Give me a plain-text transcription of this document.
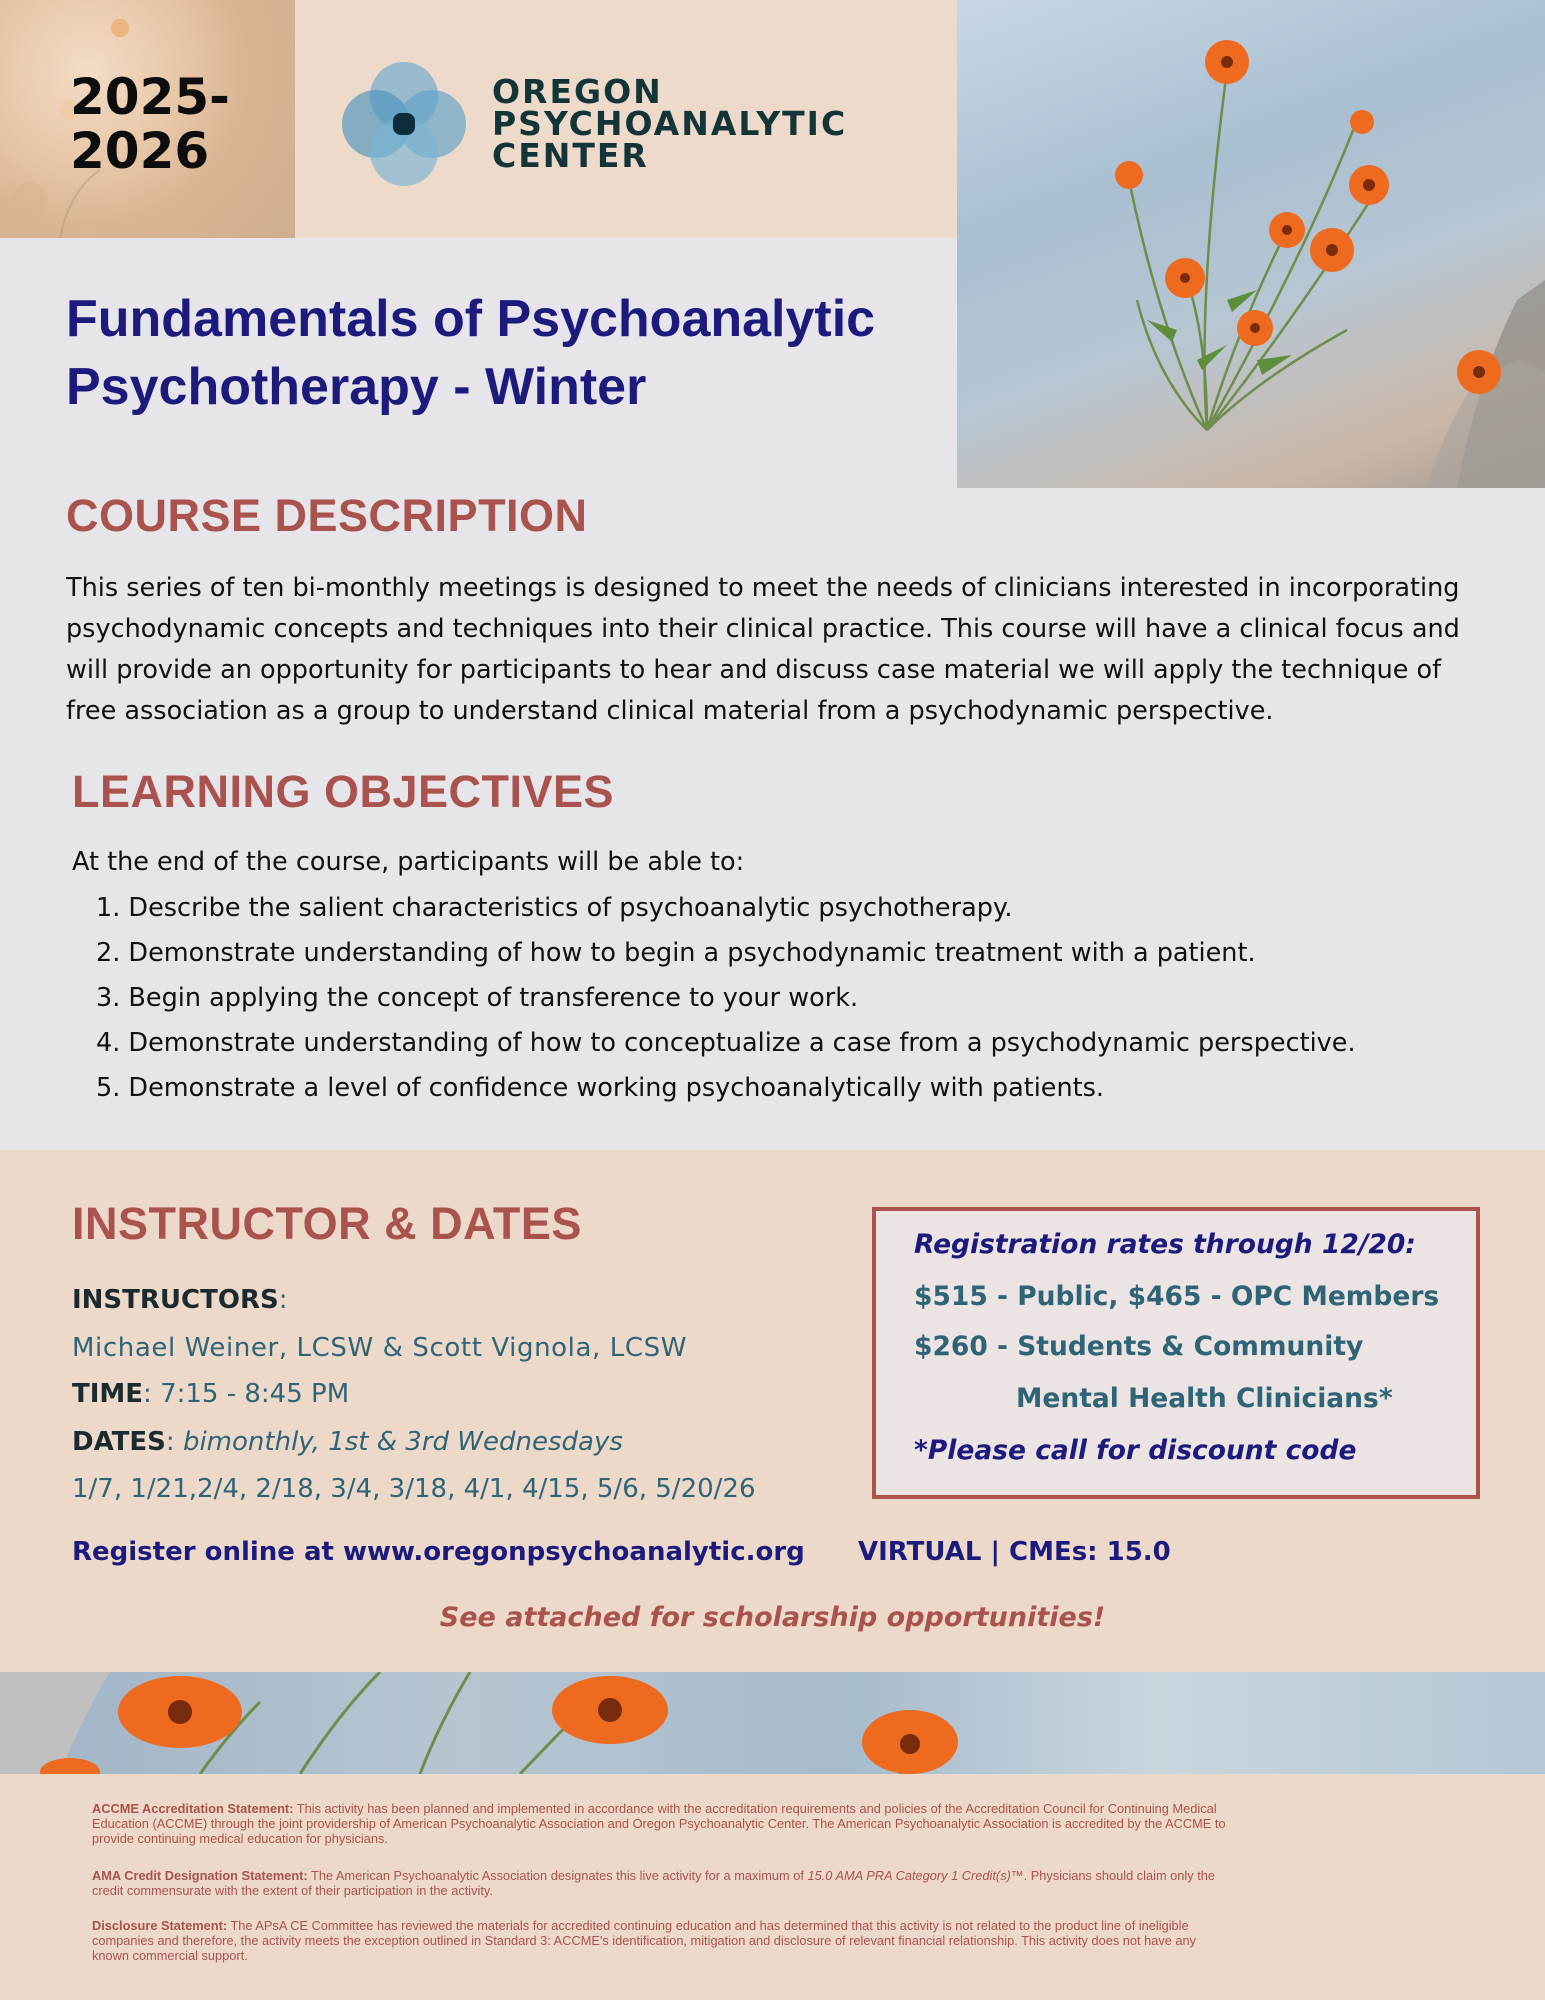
2025-
2026
OREGON
PSYCHOANALYTIC
CENTER
Fundamentals of Psychoanalytic
Psychotherapy - Winter
COURSE DESCRIPTION
This series of ten bi-monthly meetings is designed to meet the needs of clinicians interested in incorporating
psychodynamic concepts and techniques into their clinical practice. This course will have a clinical focus and
will provide an opportunity for participants to hear and discuss case material we will apply the technique of
free association as a group to understand clinical material from a psychodynamic perspective.
LEARNING OBJECTIVES
At the end of the course, participants will be able to:
1. Describe the salient characteristics of psychoanalytic psychotherapy.
2. Demonstrate understanding of how to begin a psychodynamic treatment with a patient.
3. Begin applying the concept of transference to your work.
4. Demonstrate understanding of how to conceptualize a case from a psychodynamic perspective.
5. Demonstrate a level of confidence working psychoanalytically with patients.
INSTRUCTOR & DATES
INSTRUCTORS:
Michael Weiner, LCSW & Scott Vignola, LCSW
TIME: 7:15 - 8:45 PM
DATES: bimonthly, 1st & 3rd Wednesdays
1/7, 1/21,2/4, 2/18, 3/4, 3/18, 4/1, 4/15, 5/6, 5/20/26
Registration rates through 12/20:
$515 - Public, $465 - OPC Members
$260 - Students & Community
Mental Health Clinicians*
*Please call for discount code
Register online at www.oregonpsychoanalytic.org VIRTUAL | CMEs: 15.0
See attached for scholarship opportunities!
ACCME Accreditation Statement: This activity has been planned and implemented in accordance with the accreditation requirements and policies of the Accreditation Council for Continuing Medical
Education (ACCME) through the joint providership of American Psychoanalytic Association and Oregon Psychoanalytic Center. The American Psychoanalytic Association is accredited by the ACCME to
provide continuing medical education for physicians.
AMA Credit Designation Statement: The American Psychoanalytic Association designates this live activity for a maximum of 15.0 AMA PRA Category 1 Credit(s)™. Physicians should claim only the
credit commensurate with the extent of their participation in the activity.
Disclosure Statement: The APsA CE Committee has reviewed the materials for accredited continuing education and has determined that this activity is not related to the product line of ineligible
companies and therefore, the activity meets the exception outlined in Standard 3: ACCME's identification, mitigation and disclosure of relevant financial relationship. This activity does not have any
known commercial support.
